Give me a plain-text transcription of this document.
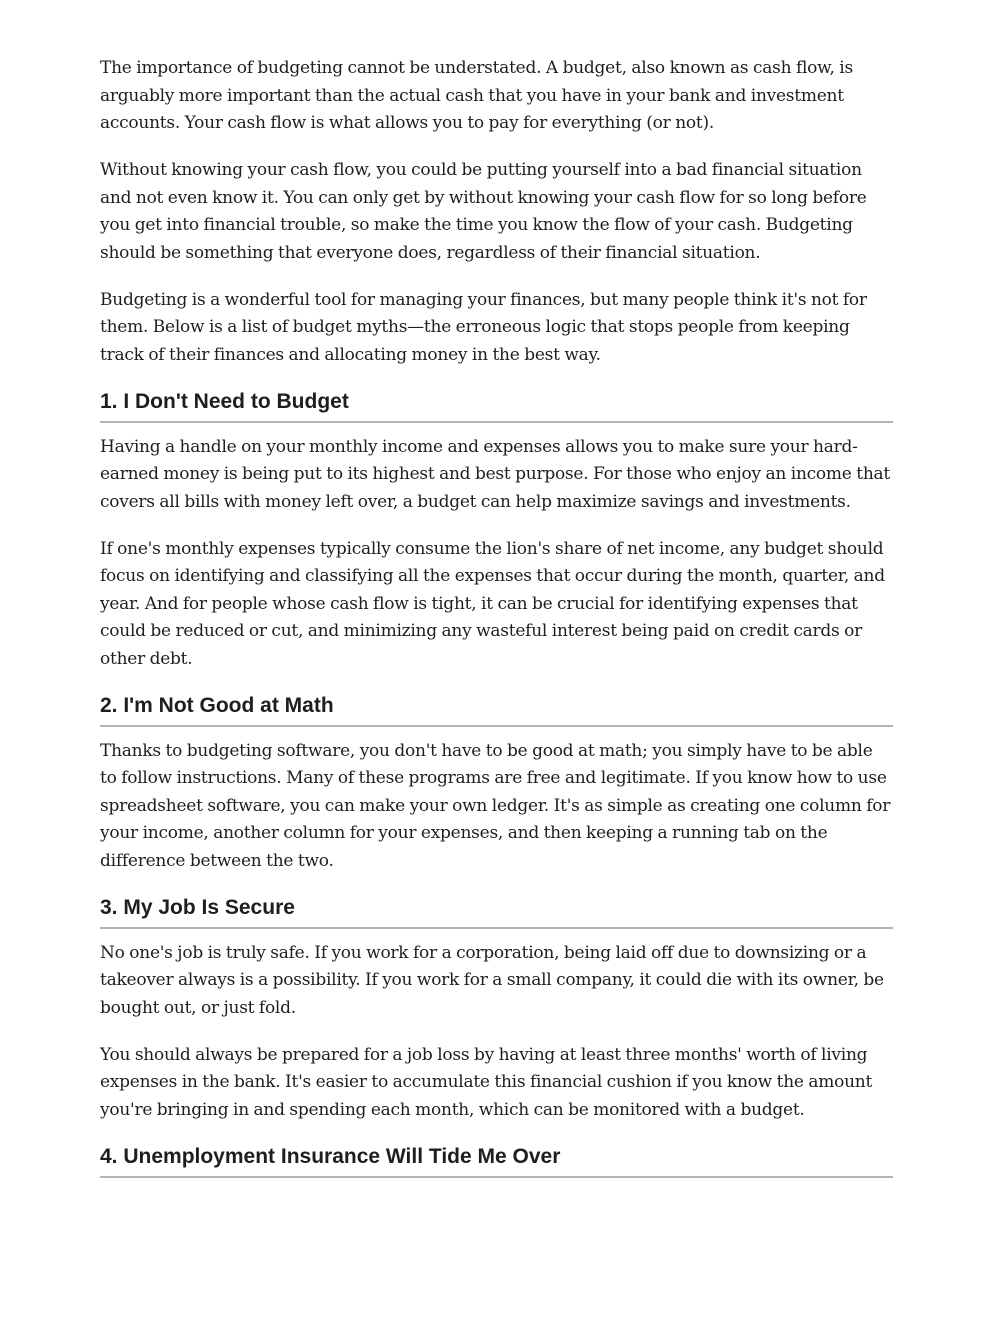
The importance of budgeting cannot be understated. A budget, also known as cash flow, is arguably more important than the actual cash that you have in your bank and investment accounts. Your cash flow is what allows you to pay for everything (or not).

Without knowing your cash flow, you could be putting yourself into a bad financial situation and not even know it. You can only get by without knowing your cash flow for so long before you get into financial trouble, so make the time you know the flow of your cash. Budgeting should be something that everyone does, regardless of their financial situation.

Budgeting is a wonderful tool for managing your finances, but many people think it's not for them. Below is a list of budget myths—the erroneous logic that stops people from keeping track of their finances and allocating money in the best way.

1. I Don't Need to Budget

Having a handle on your monthly income and expenses allows you to make sure your hard-earned money is being put to its highest and best purpose. For those who enjoy an income that covers all bills with money left over, a budget can help maximize savings and investments.

If one's monthly expenses typically consume the lion's share of net income, any budget should focus on identifying and classifying all the expenses that occur during the month, quarter, and year. And for people whose cash flow is tight, it can be crucial for identifying expenses that could be reduced or cut, and minimizing any wasteful interest being paid on credit cards or other debt.

2. I'm Not Good at Math

Thanks to budgeting software, you don't have to be good at math; you simply have to be able to follow instructions. Many of these programs are free and legitimate. If you know how to use spreadsheet software, you can make your own ledger. It's as simple as creating one column for your income, another column for your expenses, and then keeping a running tab on the difference between the two.

3. My Job Is Secure

No one's job is truly safe. If you work for a corporation, being laid off due to downsizing or a takeover always is a possibility. If you work for a small company, it could die with its owner, be bought out, or just fold.

You should always be prepared for a job loss by having at least three months' worth of living expenses in the bank. It's easier to accumulate this financial cushion if you know the amount you're bringing in and spending each month, which can be monitored with a budget.

4. Unemployment Insurance Will Tide Me Over
